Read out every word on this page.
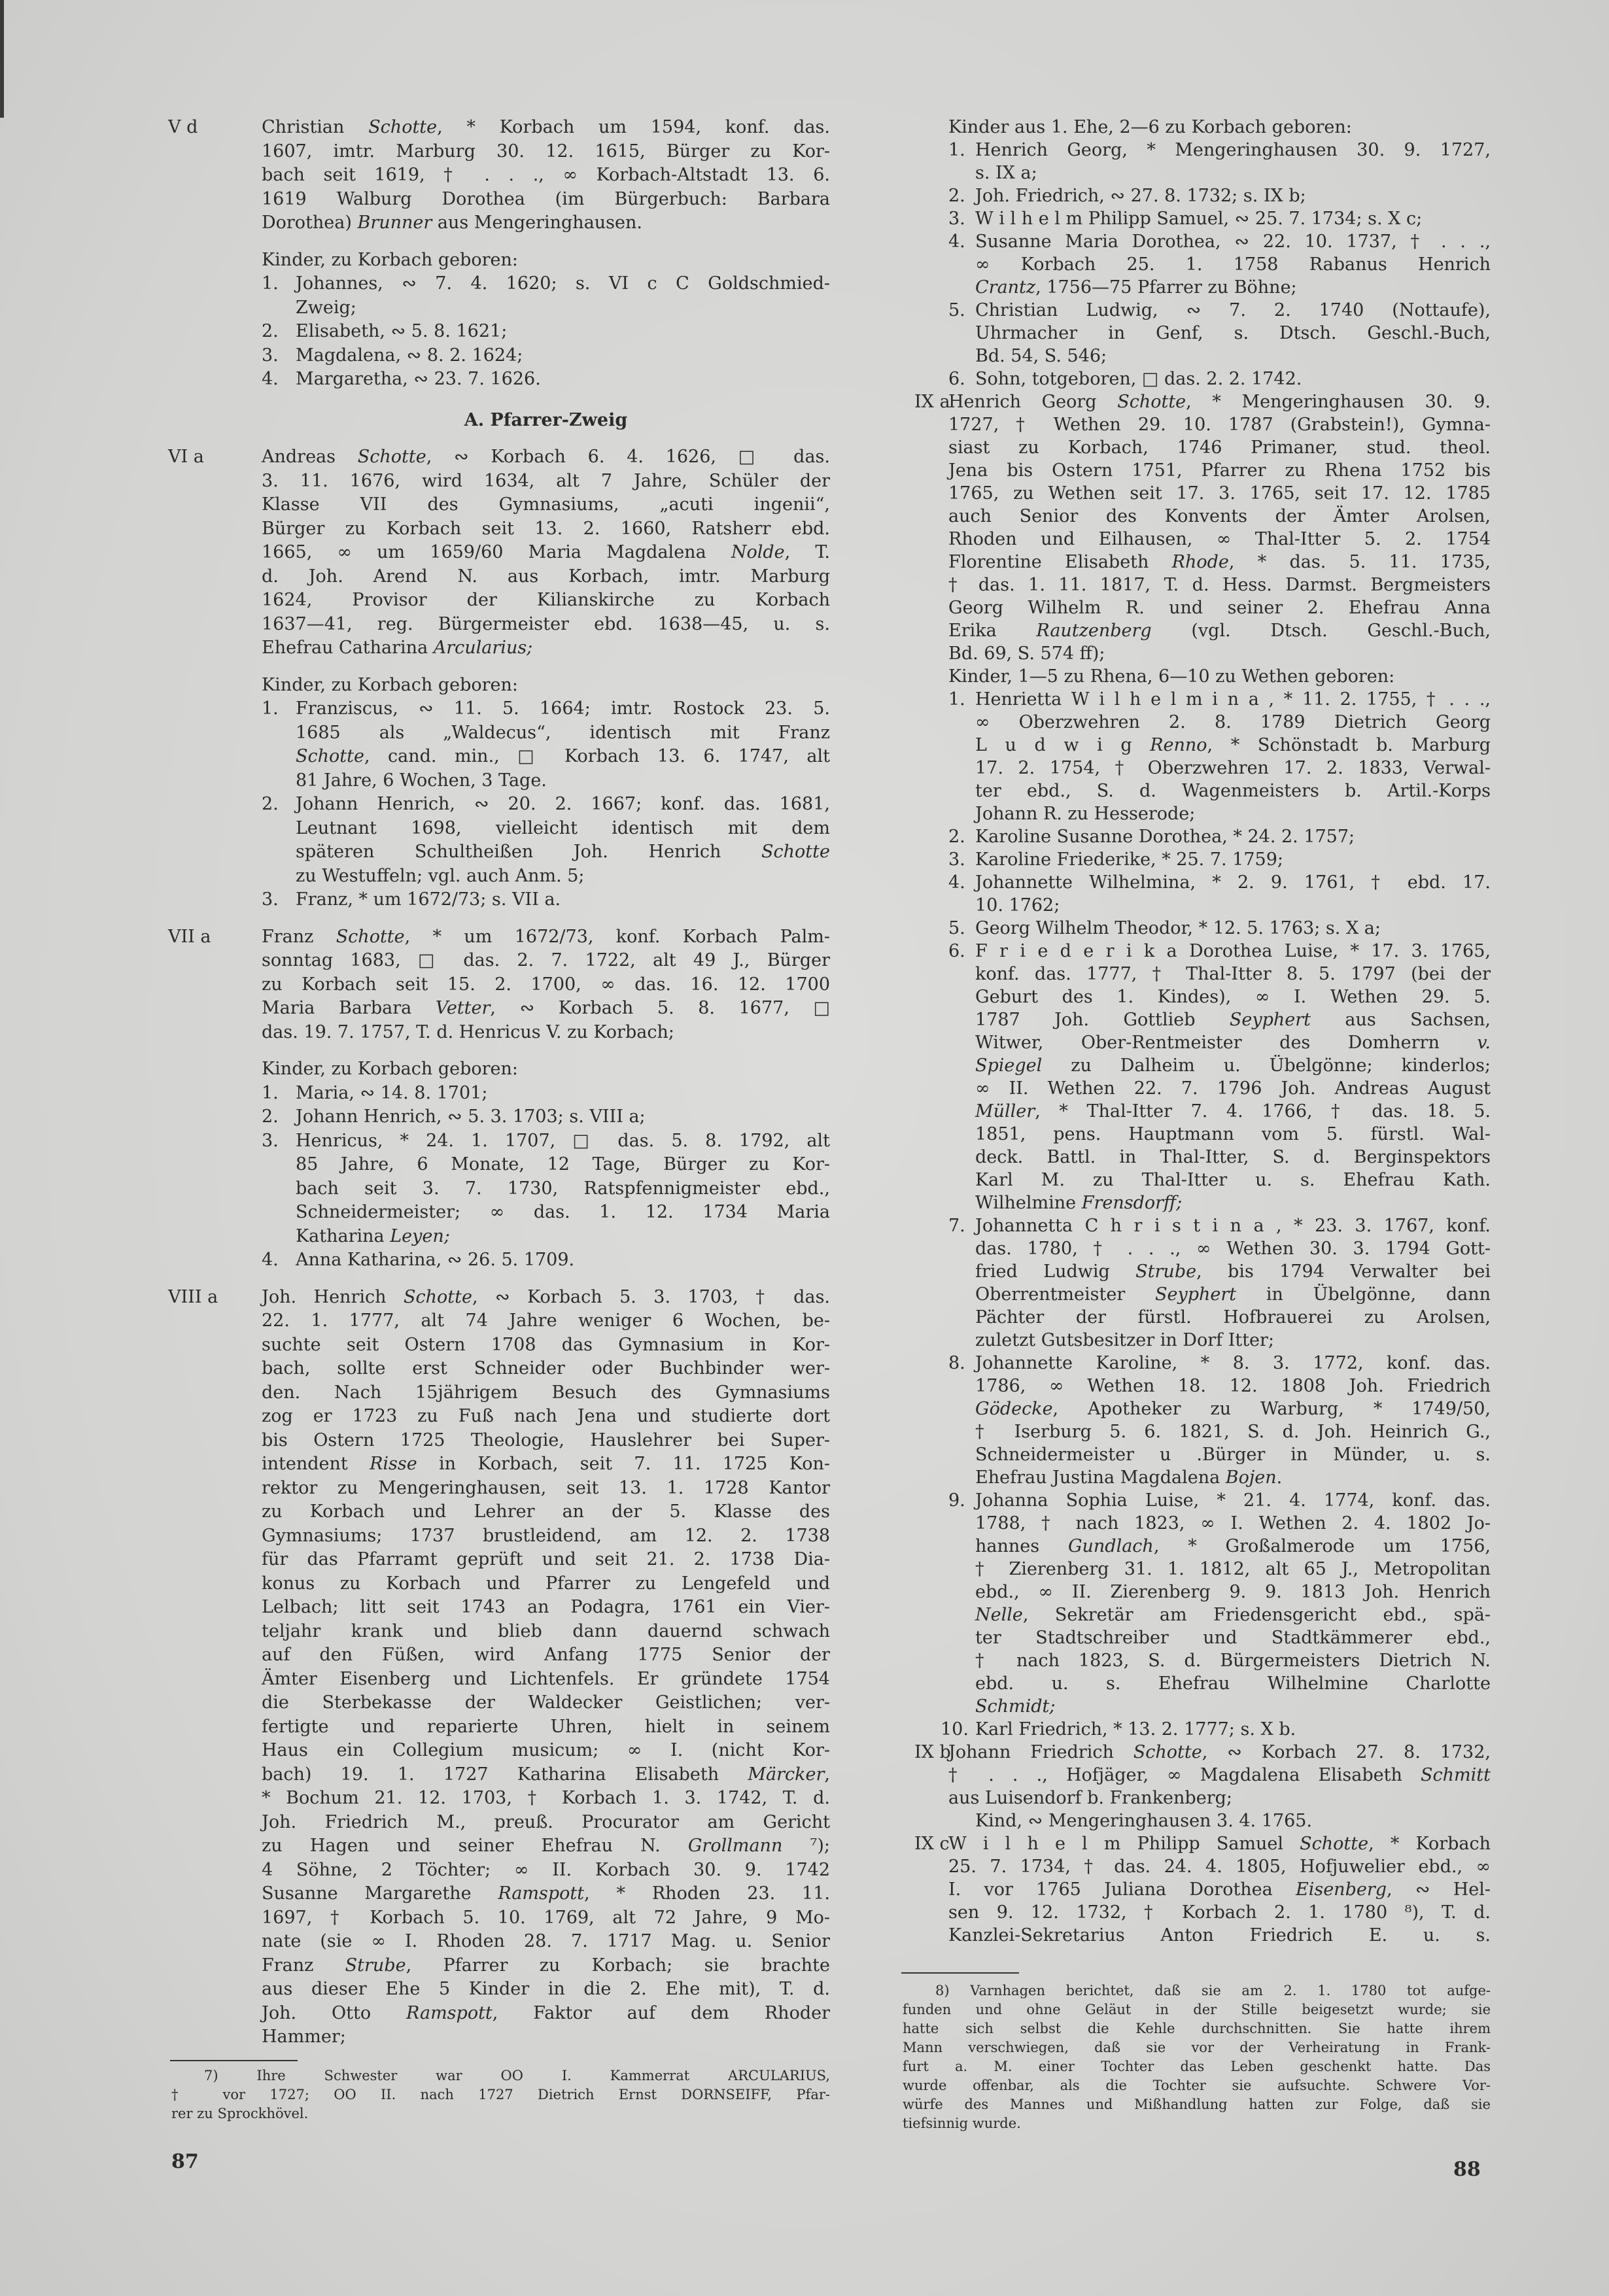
V d	Christian Schotte, * Korbach um 1594, konf. das.
1607, imtr. Marburg 30. 12. 1615, Bürger zu Kor-
bach seit 1619, † . . ., ∞ Korbach-Altstadt 13. 6.
1619 Walburg Dorothea (im Bürgerbuch: Barbara
Dorothea) Brunner aus Mengeringhausen.
Kinder, zu Korbach geboren:
1. Johannes, ∾ 7. 4. 1620; s. VI c C Goldschmied-
Zweig;
2. Elisabeth, ∾ 5. 8. 1621;
3. Magdalena, ∾ 8. 2. 1624;
4. Margaretha, ∾ 23. 7. 1626.
A. Pfarrer-Zweig
VI a	Andreas Schotte, ∾ Korbach 6. 4. 1626, □ das.
3. 11. 1676, wird 1634, alt 7 Jahre, Schüler der
Klasse VII des Gymnasiums, „acuti ingenii“,
Bürger zu Korbach seit 13. 2. 1660, Ratsherr ebd.
1665, ∞ um 1659/60 Maria Magdalena Nolde, T.
d. Joh. Arend N. aus Korbach, imtr. Marburg
1624, Provisor der Kilianskirche zu Korbach
1637—41, reg. Bürgermeister ebd. 1638—45, u. s.
Ehefrau Catharina Arcularius;
Kinder, zu Korbach geboren:
1. Franziscus, ∾ 11. 5. 1664; imtr. Rostock 23. 5.
1685 als „Waldecus“, identisch mit Franz
Schotte, cand. min., □ Korbach 13. 6. 1747, alt
81 Jahre, 6 Wochen, 3 Tage.
2. Johann Henrich, ∾ 20. 2. 1667; konf. das. 1681,
Leutnant 1698, vielleicht identisch mit dem
späteren Schultheißen Joh. Henrich Schotte
zu Westuffeln; vgl. auch Anm. 5;
3. Franz, * um 1672/73; s. VII a.
VII a	Franz Schotte, * um 1672/73, konf. Korbach Palm-
sonntag 1683, □ das. 2. 7. 1722, alt 49 J., Bürger
zu Korbach seit 15. 2. 1700, ∞ das. 16. 12. 1700
Maria Barbara Vetter, ∾ Korbach 5. 8. 1677, □
das. 19. 7. 1757, T. d. Henricus V. zu Korbach;
Kinder, zu Korbach geboren:
1. Maria, ∾ 14. 8. 1701;
2. Johann Henrich, ∾ 5. 3. 1703; s. VIII a;
3. Henricus, * 24. 1. 1707, □ das. 5. 8. 1792, alt
85 Jahre, 6 Monate, 12 Tage, Bürger zu Kor-
bach seit 3. 7. 1730, Ratspfennigmeister ebd.,
Schneidermeister; ∞ das. 1. 12. 1734 Maria
Katharina Leyen;
4. Anna Katharina, ∾ 26. 5. 1709.
VIII a Joh. Henrich Schotte, ∾ Korbach 5. 3. 1703, † das.
22. 1. 1777, alt 74 Jahre weniger 6 Wochen, be-
suchte seit Ostern 1708 das Gymnasium in Kor-
bach, sollte erst Schneider oder Buchbinder wer-
den. Nach 15jährigem Besuch des Gymnasiums
zog er 1723 zu Fuß nach Jena und studierte dort
bis Ostern 1725 Theologie, Hauslehrer bei Super-
intendent Risse in Korbach, seit 7. 11. 1725 Kon-
rektor zu Mengeringhausen, seit 13. 1. 1728 Kantor
zu Korbach und Lehrer an der 5. Klasse des
Gymnasiums; 1737 brustleidend, am 12. 2. 1738
für das Pfarramt geprüft und seit 21. 2. 1738 Dia-
konus zu Korbach und Pfarrer zu Lengefeld und
Lelbach; litt seit 1743 an Podagra, 1761 ein Vier-
teljahr krank und blieb dann dauernd schwach
auf den Füßen, wird Anfang 1775 Senior der
Ämter Eisenberg und Lichtenfels. Er gründete 1754
die Sterbekasse der Waldecker Geistlichen; ver-
fertigte und reparierte Uhren, hielt in seinem
Haus ein Collegium musicum; ∞ I. (nicht Kor-
bach) 19. 1. 1727 Katharina Elisabeth Märcker,
* Bochum 21. 12. 1703, † Korbach 1. 3. 1742, T. d.
Joh. Friedrich M., preuß. Procurator am Gericht
zu Hagen und seiner Ehefrau N. Grollmann ⁷);
4 Söhne, 2 Töchter; ∞ II. Korbach 30. 9. 1742
Susanne Margarethe Ramspott, * Rhoden 23. 11.
1697, † Korbach 5. 10. 1769, alt 72 Jahre, 9 Mo-
nate (sie ∞ I. Rhoden 28. 7. 1717 Mag. u. Senior
Franz Strube, Pfarrer zu Korbach; sie brachte
aus dieser Ehe 5 Kinder in die 2. Ehe mit), T. d.
Joh. Otto Ramspott, Faktor auf dem Rhoder
Hammer;
Kinder aus 1. Ehe, 2—6 zu Korbach geboren:
1. Henrich Georg, * Mengeringhausen 30. 9. 1727,
s. IX a;
2. Joh. Friedrich, ∾ 27. 8. 1732; s. IX b;
3. W i l h e l m Philipp Samuel, ∾ 25. 7. 1734; s. X c;
4. Susanne Maria Dorothea, ∾ 22. 10. 1737, † . . .,
∞ Korbach 25. 1. 1758 Rabanus Henrich
Crantz, 1756—75 Pfarrer zu Böhne;
5. Christian Ludwig, ∾ 7. 2. 1740 (Nottaufe),
Uhrmacher in Genf, s. Dtsch. Geschl.-Buch,
Bd. 54, S. 546;
6. Sohn, totgeboren, □ das. 2. 2. 1742.
IX a
Henrich Georg Schotte, * Mengeringhausen 30. 9.
1727, † Wethen 29. 10. 1787 (Grabstein!), Gymna-
siast zu Korbach, 1746 Primaner, stud. theol.
Jena bis Ostern 1751, Pfarrer zu Rhena 1752 bis
1765, zu Wethen seit 17. 3. 1765, seit 17. 12. 1785
auch Senior des Konvents der Ämter Arolsen,
Rhoden und Eilhausen, ∞ Thal-Itter 5. 2. 1754
Florentine Elisabeth Rhode, * das. 5. 11. 1735,
† das. 1. 11. 1817, T. d. Hess. Darmst. Bergmeisters
Georg Wilhelm R. und seiner 2. Ehefrau Anna
Erika Rautzenberg (vgl. Dtsch. Geschl.-Buch,
Bd. 69, S. 574 ff);
Kinder, 1—5 zu Rhena, 6—10 zu Wethen geboren:
1. Henrietta W i l h e l m i n a , * 11. 2. 1755, † . . .,
∞ Oberzwehren 2. 8. 1789 Dietrich Georg
L u d w i g Renno, * Schönstadt b. Marburg
17. 2. 1754, † Oberzwehren 17. 2. 1833, Verwal-
ter ebd., S. d. Wagenmeisters b. Artil.-Korps
Johann R. zu Hesserode;
2. Karoline Susanne Dorothea, * 24. 2. 1757;
3. Karoline Friederike, * 25. 7. 1759;
4. Johannette Wilhelmina, * 2. 9. 1761, † ebd. 17.
10. 1762;
5. Georg Wilhelm Theodor, * 12. 5. 1763; s. X a;
6. F r i e d e r i k a Dorothea Luise, * 17. 3. 1765,
konf. das. 1777, † Thal-Itter 8. 5. 1797 (bei der
Geburt des 1. Kindes), ∞ I. Wethen 29. 5.
1787 Joh. Gottlieb Seyphert aus Sachsen,
Witwer, Ober-Rentmeister des Domherrn v.
Spiegel zu Dalheim u. Übelgönne; kinderlos;
∞ II. Wethen 22. 7. 1796 Joh. Andreas August
Müller, * Thal-Itter 7. 4. 1766, † das. 18. 5.
1851, pens. Hauptmann vom 5. fürstl. Wal-
deck. Battl. in Thal-Itter, S. d. Berginspektors
Karl M. zu Thal-Itter u. s. Ehefrau Kath.
Wilhelmine Frensdorff;
7. Johannetta C h r i s t i n a , * 23. 3. 1767, konf.
das. 1780, † . . ., ∞ Wethen 30. 3. 1794 Gott-
fried Ludwig Strube, bis 1794 Verwalter bei
Oberrentmeister Seyphert in Übelgönne, dann
Pächter der fürstl. Hofbrauerei zu Arolsen,
zuletzt Gutsbesitzer in Dorf Itter;
8. Johannette Karoline, * 8. 3. 1772, konf. das.
1786, ∞ Wethen 18. 12. 1808 Joh. Friedrich
Gödecke, Apotheker zu Warburg, * 1749/50,
† Iserburg 5. 6. 1821, S. d. Joh. Heinrich G.,
Schneidermeister u .Bürger in Münder, u. s.
Ehefrau Justina Magdalena Bojen.
9. Johanna Sophia Luise, * 21. 4. 1774, konf. das.
1788, † nach 1823, ∞ I. Wethen 2. 4. 1802 Jo-
hannes Gundlach, * Großalmerode um 1756,
† Zierenberg 31. 1. 1812, alt 65 J., Metropolitan
ebd., ∞ II. Zierenberg 9. 9. 1813 Joh. Henrich
Nelle, Sekretär am Friedensgericht ebd., spä-
ter Stadtschreiber und Stadtkämmerer ebd.,
† nach 1823, S. d. Bürgermeisters Dietrich N.
ebd. u. s. Ehefrau Wilhelmine Charlotte
Schmidt;
10. Karl Friedrich, * 13. 2. 1777; s. X b.
IX b
Johann Friedrich Schotte, ∾ Korbach 27. 8. 1732,
† . . ., Hofjäger, ∞ Magdalena Elisabeth Schmitt
aus Luisendorf b. Frankenberg;
Kind, ∾ Mengeringhausen 3. 4. 1765.
IX c
W i l h e l m Philipp Samuel Schotte, * Korbach
25. 7. 1734, † das. 24. 4. 1805, Hofjuwelier ebd., ∞
I. vor 1765 Juliana Dorothea Eisenberg, ∾ Hel-
sen 9. 12. 1732, † Korbach 2. 1. 1780 ⁸), T. d.
Kanzlei-Sekretarius Anton Friedrich E. u. s.
7) Ihre Schwester war OO I. Kammerrat ARCULARIUS,
† vor 1727; OO II. nach 1727 Dietrich Ernst DORNSEIFF, Pfar-
rer zu Sprockhövel.
8) Varnhagen berichtet, daß sie am 2. 1. 1780 tot aufge-
funden und ohne Geläut in der Stille beigesetzt wurde; sie
hatte sich selbst die Kehle durchschnitten. Sie hatte ihrem
Mann verschwiegen, daß sie vor der Verheiratung in Frank-
furt a. M. einer Tochter das Leben geschenkt hatte. Das
wurde offenbar, als die Tochter sie aufsuchte. Schwere Vor-
würfe des Mannes und Mißhandlung hatten zur Folge, daß sie
tiefsinnig wurde.
87	88
